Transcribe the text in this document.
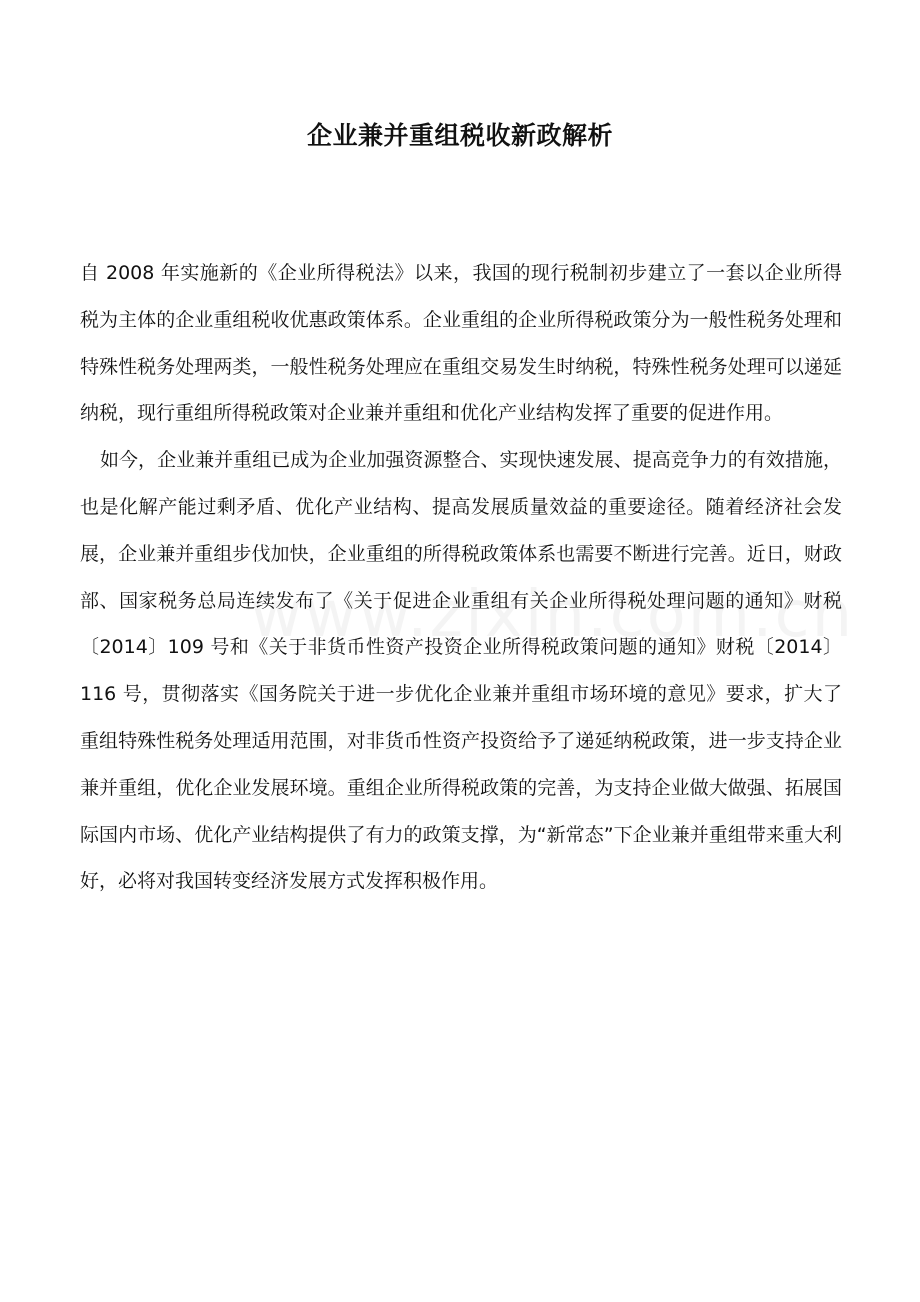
企业兼并重组税收新政解析

自 2008 年实施新的《企业所得税法》以来，我国的现行税制初步建立了一套以企业所得税为主体的企业重组税收优惠政策体系。企业重组的企业所得税政策分为一般性税务处理和特殊性税务处理两类，一般性税务处理应在重组交易发生时纳税，特殊性税务处理可以递延纳税，现行重组所得税政策对企业兼并重组和优化产业结构发挥了重要的促进作用。

如今，企业兼并重组已成为企业加强资源整合、实现快速发展、提高竞争力的有效措施，也是化解产能过剩矛盾、优化产业结构、提高发展质量效益的重要途径。随着经济社会发展，企业兼并重组步伐加快，企业重组的所得税政策体系也需要不断进行完善。近日，财政部、国家税务总局连续发布了《关于促进企业重组有关企业所得税处理问题的通知》财税〔2014〕109 号和《关于非货币性资产投资企业所得税政策问题的通知》财税〔2014〕116 号，贯彻落实《国务院关于进一步优化企业兼并重组市场环境的意见》要求，扩大了重组特殊性税务处理适用范围，对非货币性资产投资给予了递延纳税政策，进一步支持企业兼并重组，优化企业发展环境。重组企业所得税政策的完善，为支持企业做大做强、拓展国际国内市场、优化产业结构提供了有力的政策支撑，为“新常态”下企业兼并重组带来重大利好，必将对我国转变经济发展方式发挥积极作用。
